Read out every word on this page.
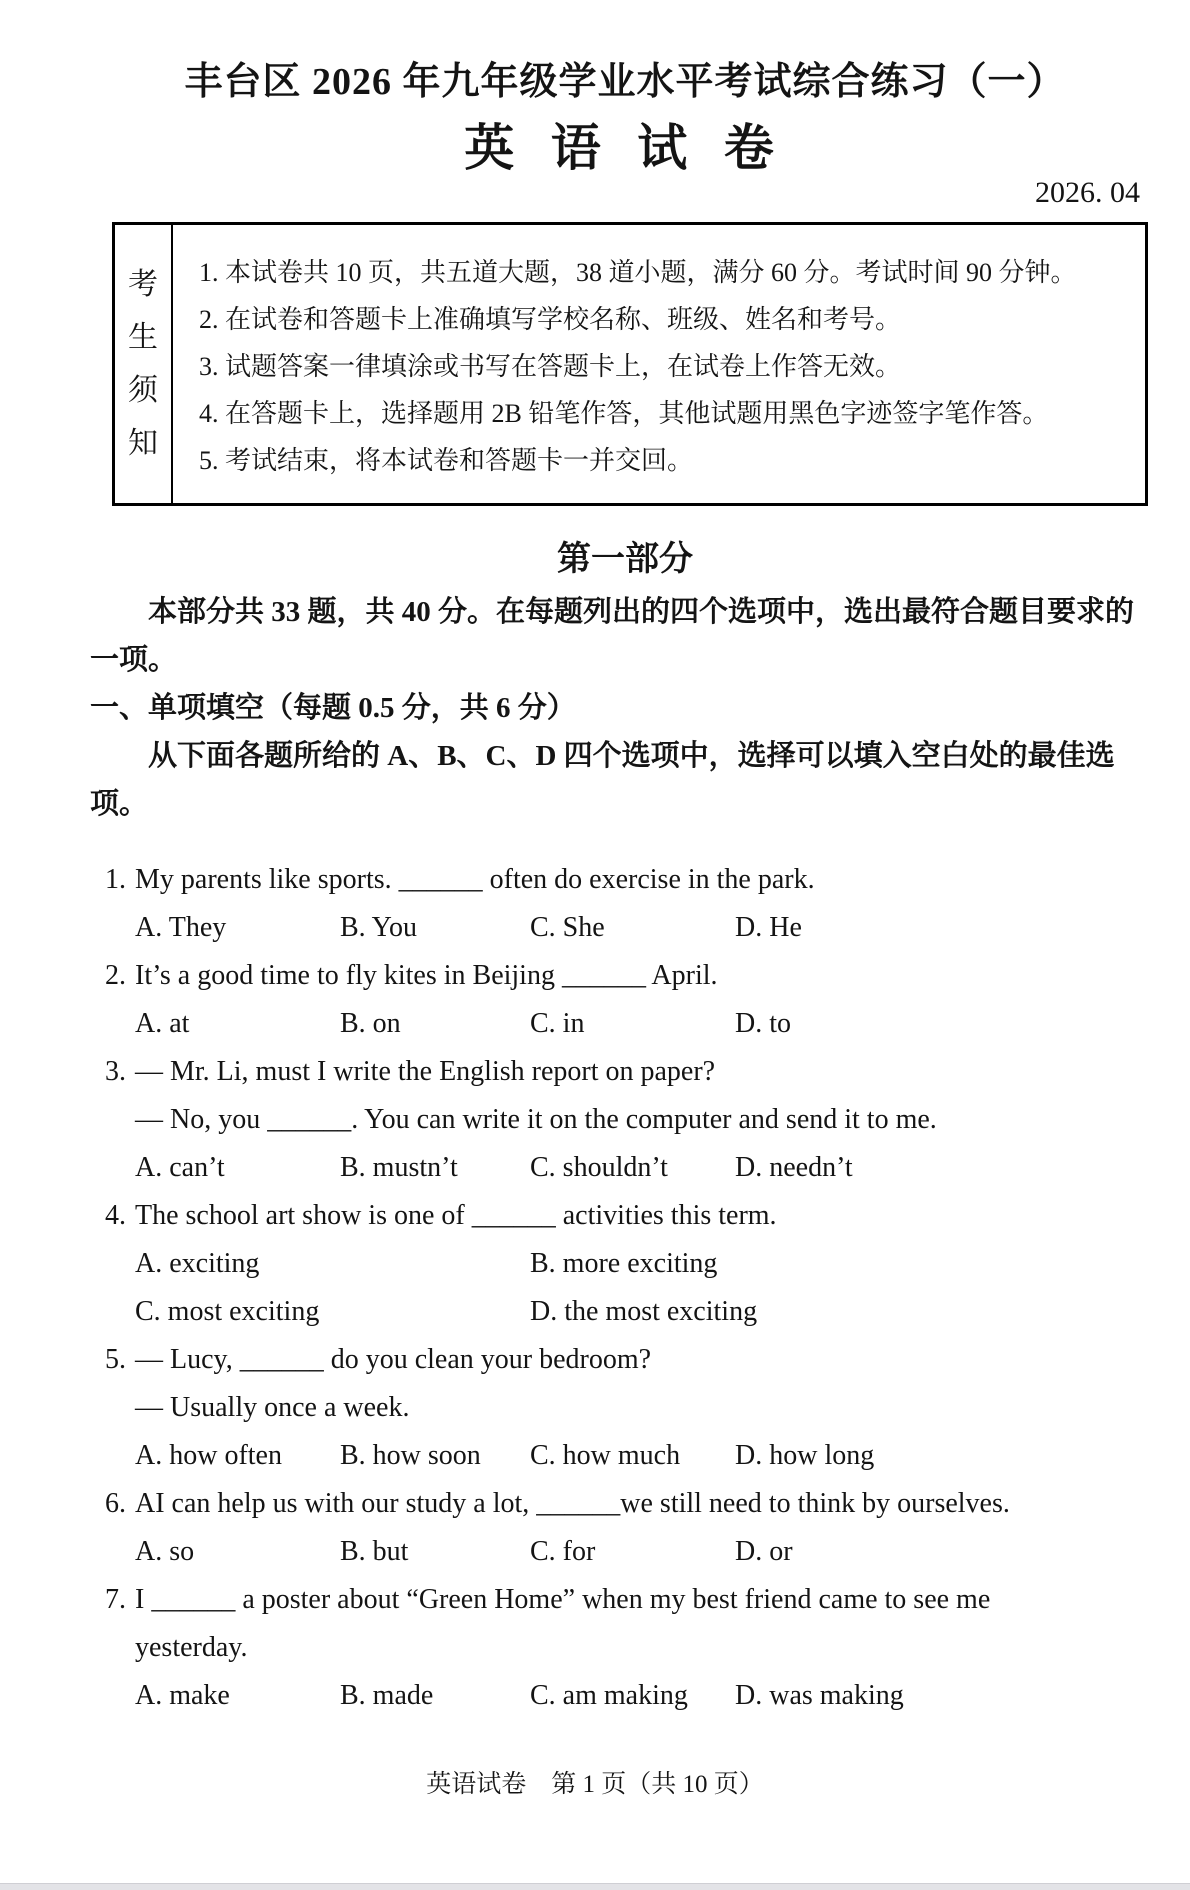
丰台区 2026 年九年级学业水平考试综合练习（一）
英 语 试 卷
2026. 04
考
生
须
知
1. 本试卷共 10 页，共五道大题，38 道小题，满分 60 分。考试时间 90 分钟。
2. 在试卷和答题卡上准确填写学校名称、班级、姓名和考号。
3. 试题答案一律填涂或书写在答题卡上，在试卷上作答无效。
4. 在答题卡上，选择题用 2B 铅笔作答，其他试题用黑色字迹签字笔作答。
5. 考试结束，将本试卷和答题卡一并交回。
第一部分
本部分共 33 题，共 40 分。在每题列出的四个选项中，选出最符合题目要求的一项。
一、单项填空（每题 0.5 分，共 6 分）
从下面各题所给的 A、B、C、D 四个选项中，选择可以填入空白处的最佳选项。
1. My parents like sports. ______ often do exercise in the park.
A. They	B. You	C. She	D. He
2. It’s a good time to fly kites in Beijing ______ April.
A. at	B. on	C. in	D. to
3. — Mr. Li, must I write the English report on paper?
— No, you ______. You can write it on the computer and send it to me.
A. can’t	B. mustn’t	C. shouldn’t	D. needn’t
4. The school art show is one of ______ activities this term.
A. exciting	B. more exciting
C. most exciting	D. the most exciting
5. — Lucy, ______ do you clean your bedroom?
— Usually once a week.
A. how often	B. how soon	C. how much	D. how long
6. AI can help us with our study a lot, ______we still need to think by ourselves.
A. so	B. but	C. for	D. or
7. I ______ a poster about “Green Home” when my best friend came to see me
yesterday.
A. make	B. made	C. am making	D. was making
英语试卷　第 1 页（共 10 页）
